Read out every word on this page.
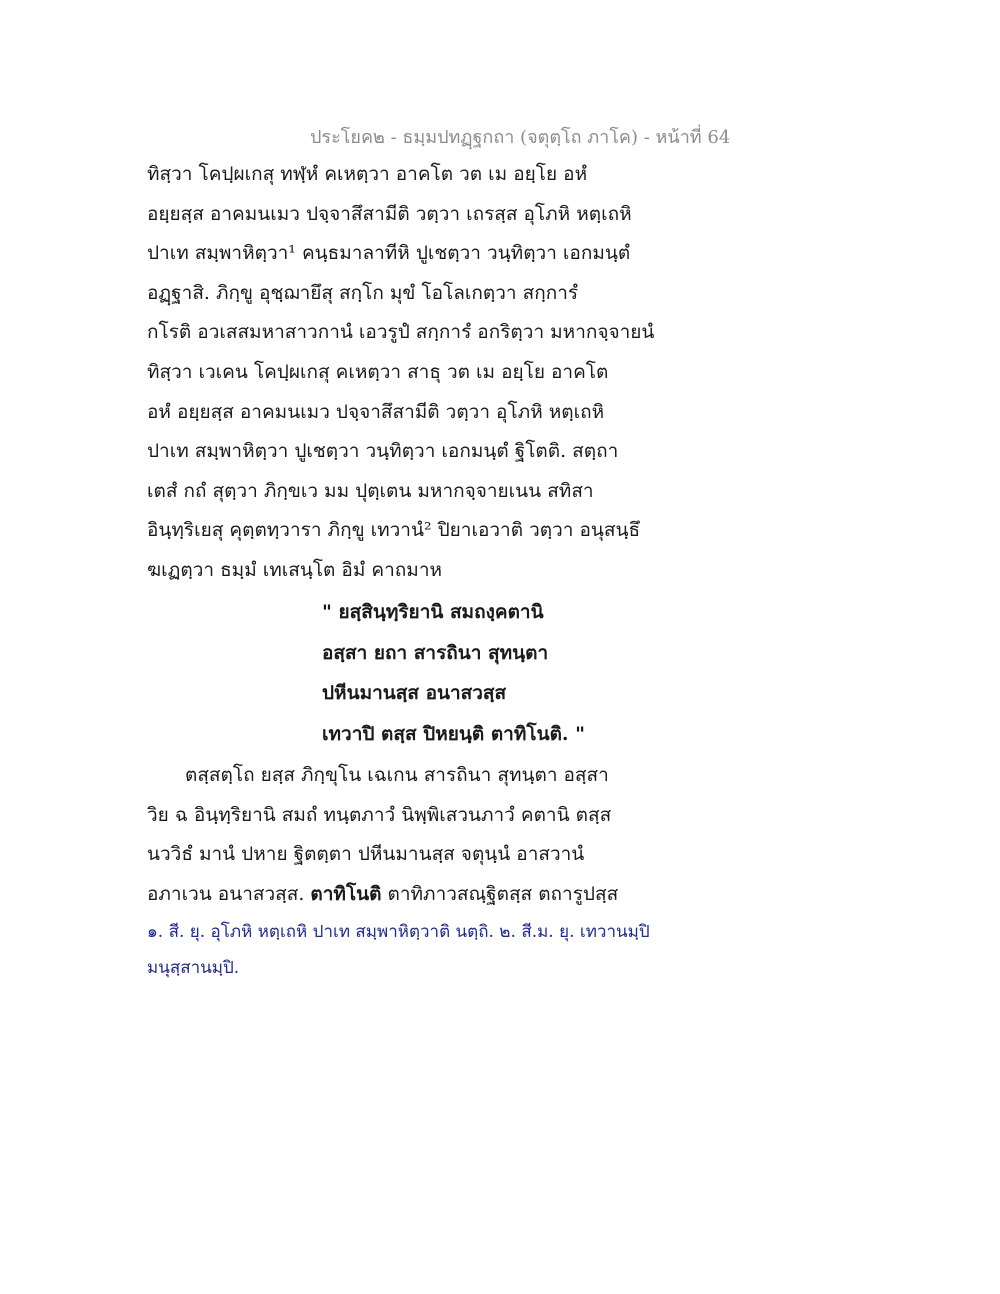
ประโยค๒ - ธมฺมปทฏฺฐกถา (จตุตฺโถ ภาโค) - หน้าที่ 64
ทิสฺวา โคปฺผเกสุ ทฬฺหํ คเหตฺวา อาคโต วต เม อยฺโย อหํ
อยฺยสฺส อาคมนเมว ปจฺจาสึสามีติ วตฺวา เถรสฺส อุโภหิ หตฺเถหิ
ปาเท สมฺพาหิตฺวา¹ คนฺธมาลาทีหิ ปูเชตฺวา วนฺทิตฺวา เอกมนฺตํ
อฏฺฐาสิ. ภิกฺขู อุชฺฌายึสุ สกฺโก มุขํ โอโลเกตฺวา สกฺการํ
กโรติ อวเสสมหาสาวกานํ เอวรูปํ สกฺการํ อกริตฺวา มหากจฺจายนํ
ทิสฺวา เวเคน โคปฺผเกสุ คเหตฺวา สาธุ วต เม อยฺโย อาคโต
อหํ อยฺยสฺส อาคมนเมว ปจฺจาสึสามีติ วตฺวา อุโภหิ หตฺเถหิ
ปาเท สมฺพาหิตฺวา ปูเชตฺวา วนฺทิตฺวา เอกมนฺตํ ฐิโตติ. สตฺถา
เตสํ กถํ สุตฺวา ภิกฺขเว มม ปุตฺเตน มหากจฺจายเนน สทิสา
อินฺทฺริเยสุ คุตฺตทฺวารา ภิกฺขู เทวานํ² ปิยาเอวาติ วตฺวา อนุสนฺธึ
ฆเฏตฺวา ธมฺมํ เทเสนฺโต อิมํ คาถมาห
" ยสฺสินฺทฺริยานิ สมถงฺคตานิ
อสฺสา ยถา สารถินา สุทนฺตา
ปหีนมานสฺส อนาสวสฺส
เทวาปิ ตสฺส ปิหยนฺติ ตาทิโนติ. "
ตสฺสตฺโถ ยสฺส ภิกฺขุโน เฉเกน สารถินา สุทนฺตา อสฺสา
วิย ฉ อินฺทฺริยานิ สมถํ ทนฺตภาวํ นิพฺพิเสวนภาวํ คตานิ ตสฺส
นววิธํ มานํ ปหาย ฐิตตฺตา ปหีนมานสฺส จตุนฺนํ อาสวานํ
อภาเวน อนาสวสฺส. ตาทิโนติ ตาทิภาวสณฺฐิตสฺส ตถารูปสฺส
๑. สี. ยุ. อุโภหิ หตฺเถหิ ปาเท สมฺพาหิตฺวาติ นตฺถิ. ๒. สี.ม. ยุ. เทวานมฺปิ
มนุสฺสานมฺปิ.
